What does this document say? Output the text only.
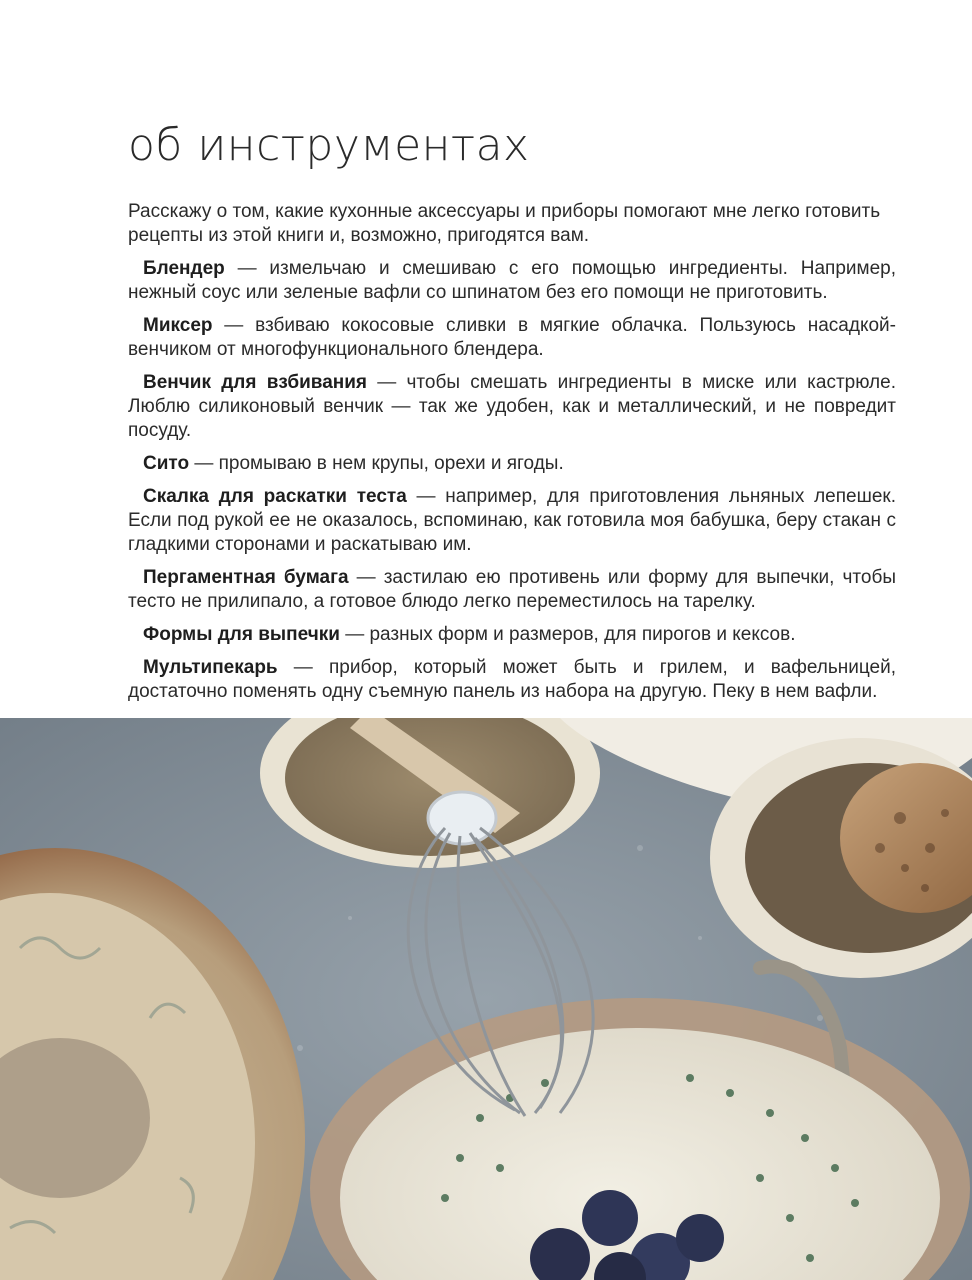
об инструментах

Расскажу о том, какие кухонные аксессуары и приборы помогают мне легко готовить рецепты из этой книги и, возможно, пригодятся вам.

Блендер — измельчаю и смешиваю с его помощью ингредиенты. Например, нежный соус или зеленые вафли со шпинатом без его помощи не приготовить.

Миксер — взбиваю кокосовые сливки в мягкие облачка. Пользуюсь насадкой-венчиком от многофункционального блендера.

Венчик для взбивания — чтобы смешать ингредиенты в миске или кастрюле. Люблю силиконовый венчик — так же удобен, как и металлический, и не повредит посуду.

Сито — промываю в нем крупы, орехи и ягоды.

Скалка для раскатки теста — например, для приготовления льняных лепешек. Если под рукой ее не оказалось, вспоминаю, как готовила моя бабушка, беру стакан с гладкими сторонами и раскатываю им.

Пергаментная бумага — застилаю ею противень или форму для выпечки, чтобы тесто не прилипало, а готовое блюдо легко переместилось на тарелку.

Формы для выпечки — разных форм и размеров, для пирогов и кексов.

Мультипекарь — прибор, который может быть и грилем, и вафельницей, достаточно поменять одну съемную панель из набора на другую. Пеку в нем вафли.
